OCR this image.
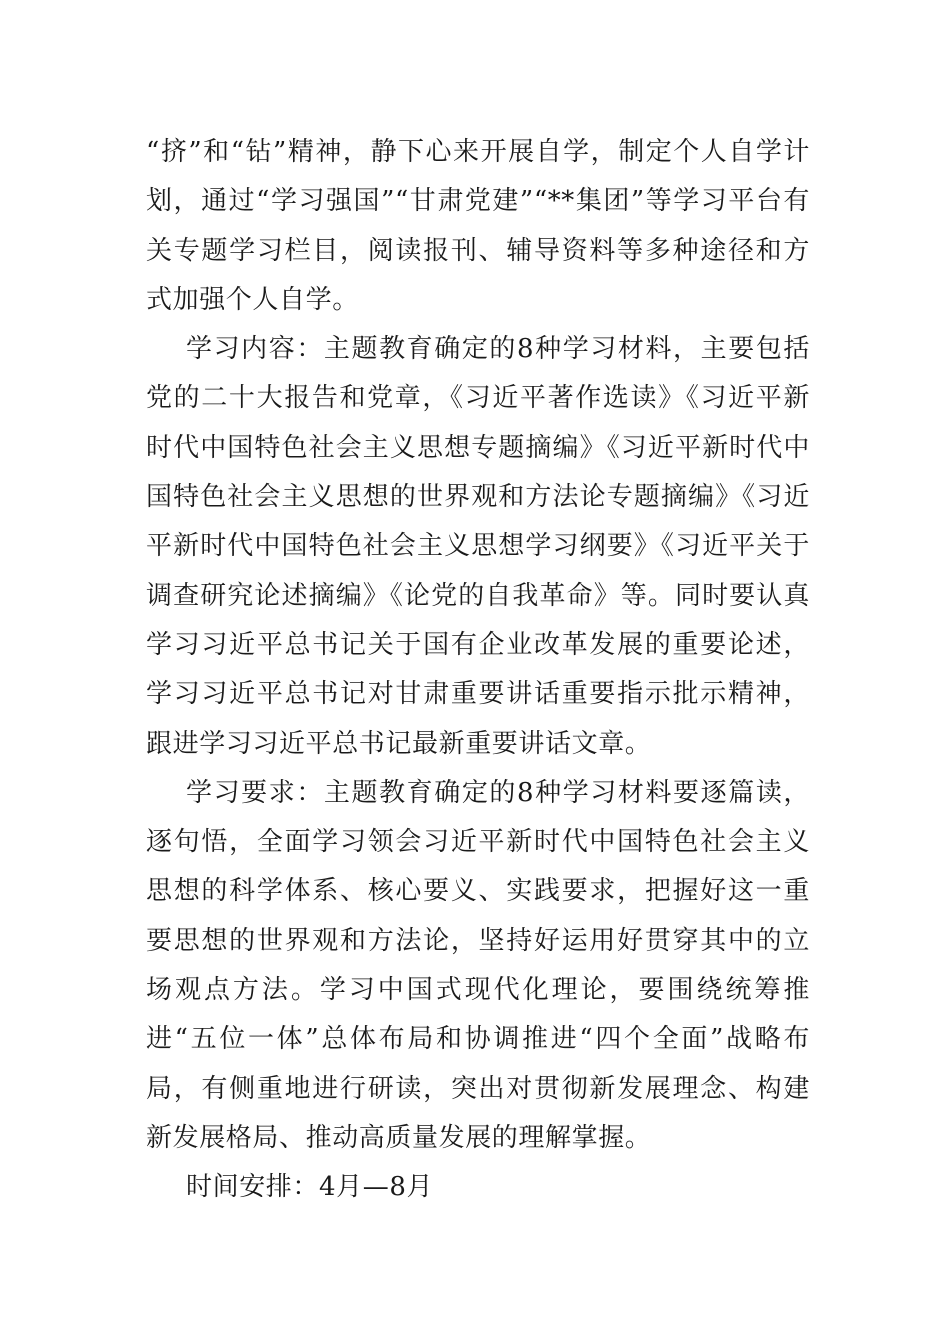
“挤”和“钻”精神，静下心来开展自学，制定个人自学计划，通过“学习强国”“甘肃党建”“**集团”等学习平台有关专题学习栏目，阅读报刊、辅导资料等多种途径和方式加强个人自学。

学习内容：主题教育确定的8种学习材料，主要包括党的二十大报告和党章，《习近平著作选读》《习近平新时代中国特色社会主义思想专题摘编》《习近平新时代中国特色社会主义思想的世界观和方法论专题摘编》《习近平新时代中国特色社会主义思想学习纲要》《习近平关于调查研究论述摘编》《论党的自我革命》等。同时要认真学习习近平总书记关于国有企业改革发展的重要论述，学习习近平总书记对甘肃重要讲话重要指示批示精神，跟进学习习近平总书记最新重要讲话文章。

学习要求：主题教育确定的8种学习材料要逐篇读，逐句悟，全面学习领会习近平新时代中国特色社会主义思想的科学体系、核心要义、实践要求，把握好这一重要思想的世界观和方法论，坚持好运用好贯穿其中的立场观点方法。学习中国式现代化理论，要围绕统筹推进“五位一体”总体布局和协调推进“四个全面”战略布局，有侧重地进行研读，突出对贯彻新发展理念、构建新发展格局、推动高质量发展的理解掌握。

时间安排：4月—8月
